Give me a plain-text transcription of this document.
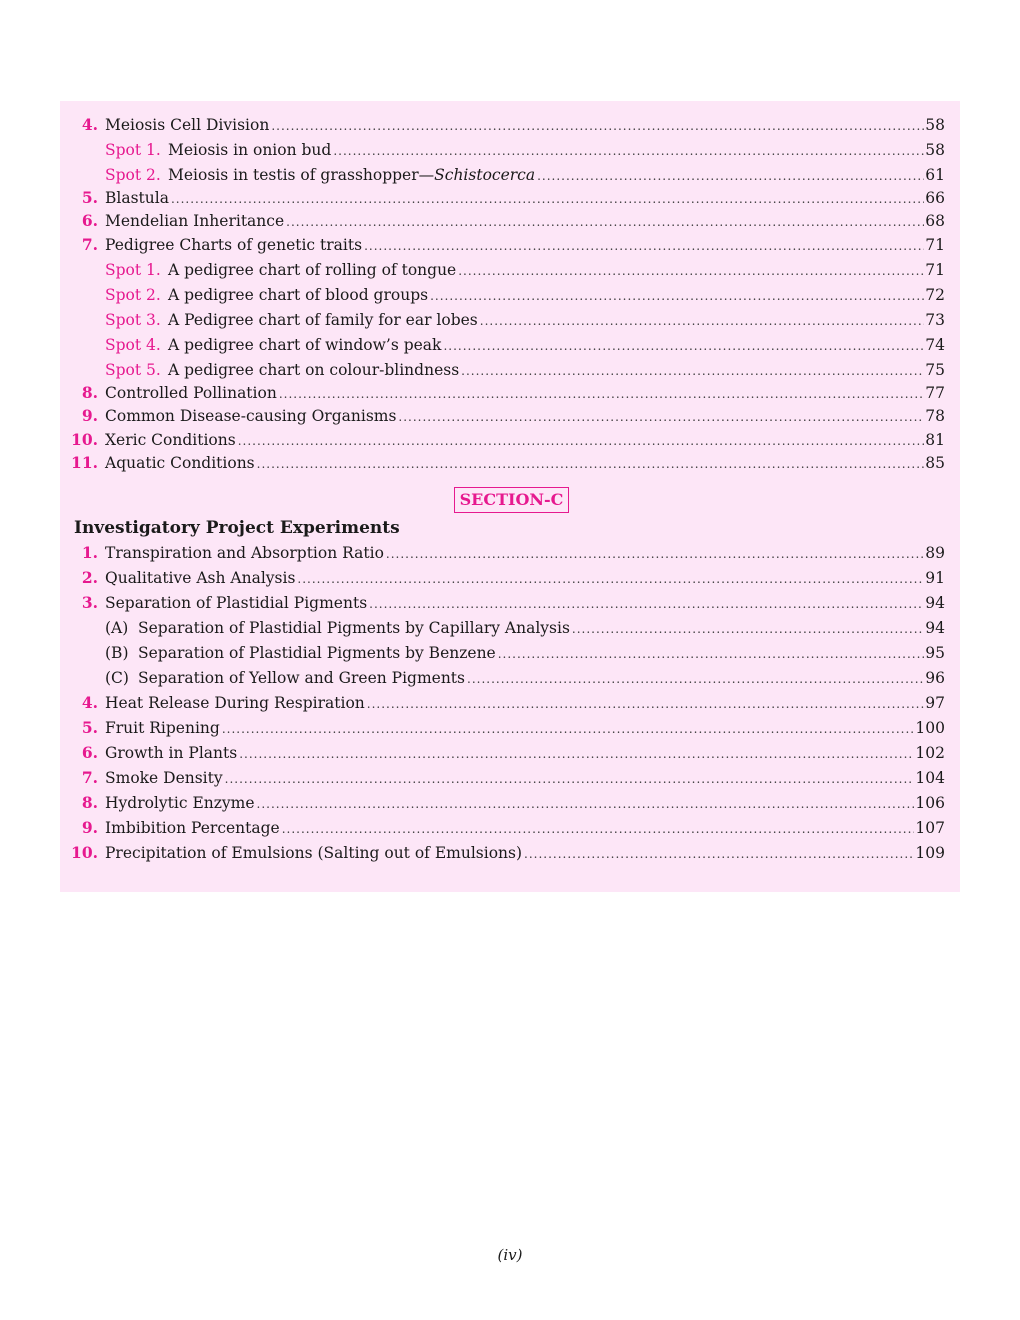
4. Meiosis Cell Division .....	58
Spot 1. Meiosis in onion bud .....	58
Spot 2. Meiosis in testis of grasshopper—Schistocerca .....	61
5. Blastula .....	66
6. Mendelian Inheritance .....	68
7. Pedigree Charts of genetic traits .....	71
Spot 1. A pedigree chart of rolling of tongue .....	71
Spot 2. A pedigree chart of blood groups .....	72
Spot 3. A Pedigree chart of family for ear lobes .....	73
Spot 4. A pedigree chart of window’s peak .....	74
Spot 5. A pedigree chart on colour-blindness .....	75
8. Controlled Pollination .....	77
9. Common Disease-causing Organisms .....	78
10. Xeric Conditions .....	81
11. Aquatic Conditions .....	85
SECTION-C
Investigatory Project Experiments
1. Transpiration and Absorption Ratio .....	89
2. Qualitative Ash Analysis .....	91
3. Separation of Plastidial Pigments .....	94
(A) Separation of Plastidial Pigments by Capillary Analysis .....	94
(B) Separation of Plastidial Pigments by Benzene .....	95
(C) Separation of Yellow and Green Pigments .....	96
4. Heat Release During Respiration .....	97
5. Fruit Ripening .....	100
6. Growth in Plants .....	102
7. Smoke Density .....	104
8. Hydrolytic Enzyme .....	106
9. Imbibition Percentage .....	107
10. Precipitation of Emulsions (Salting out of Emulsions) .....	109
(iv)
